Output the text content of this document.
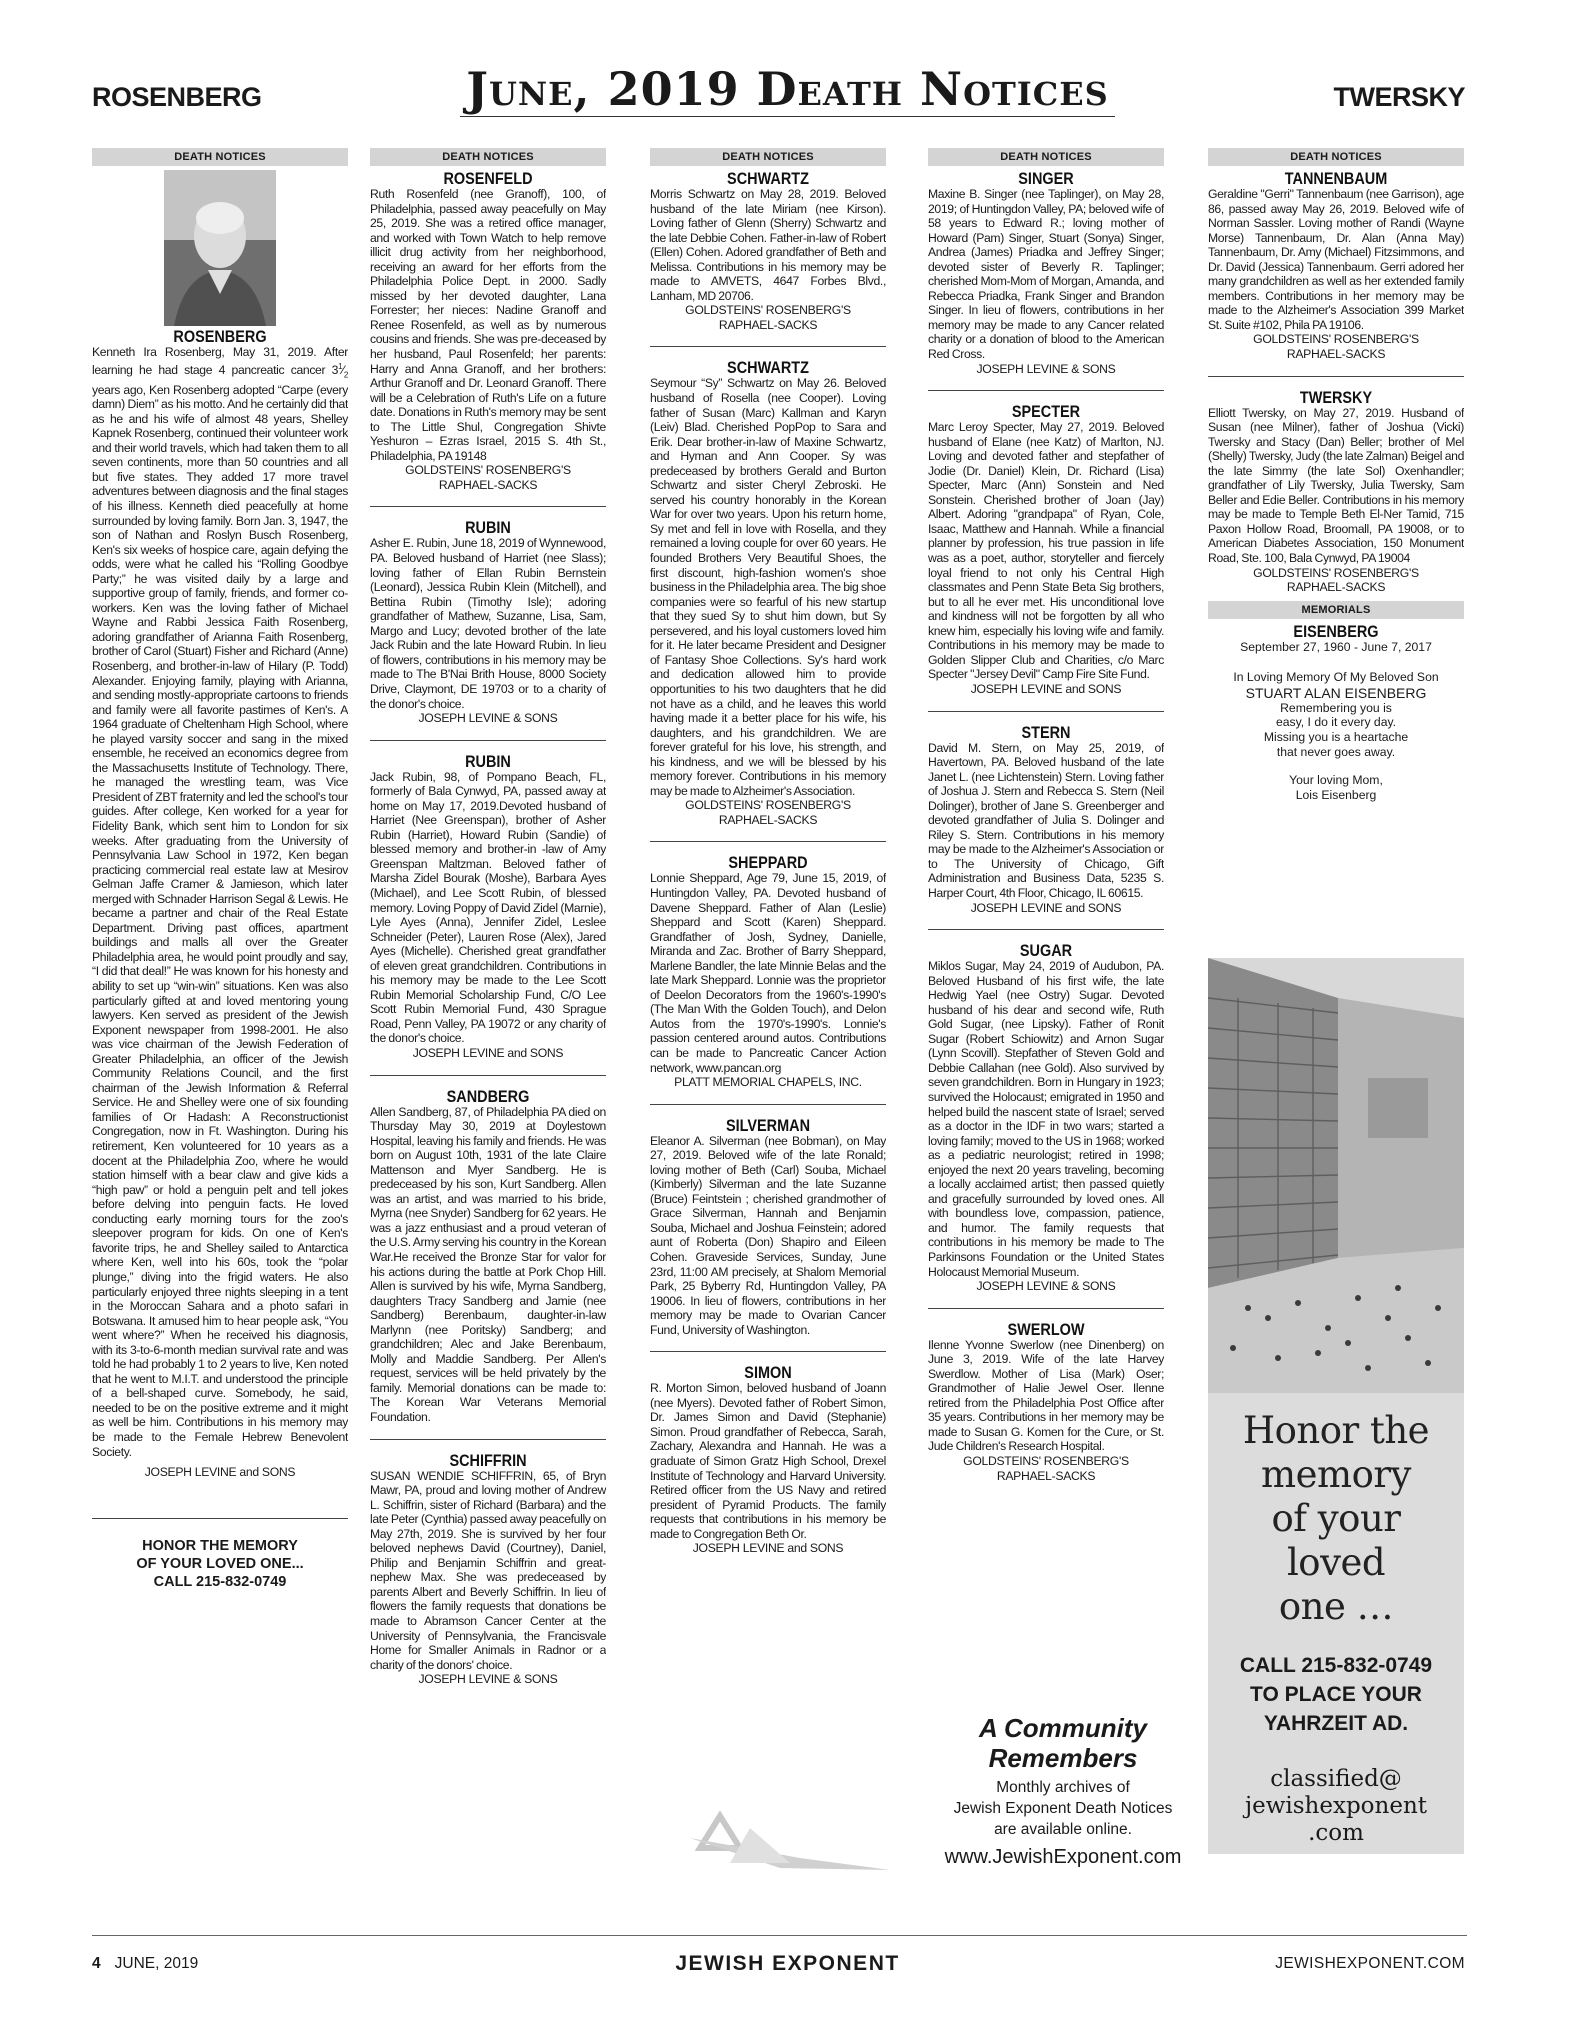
ROSENBERG	June, 2019 Death Notices	TWERSKY
DEATH NOTICES
ROSENBERG

Kenneth Ira Rosenberg, May 31, 2019. After learning he had stage 4 pancreatic cancer $3^1⁄_2$ years ago, Ken Rosenberg adopted “Carpe (every damn) Diem” as his motto. And he certainly did that as he and his wife of almost 48 years, Shelley Kapnek Rosenberg, continued their volunteer work and their world travels, which had taken them to all seven continents, more than 50 countries and all but five states. They added 17 more travel adventures between diagnosis and the final stages of his illness. Kenneth died peacefully at home surrounded by loving family. Born Jan. 3, 1947, the son of Nathan and Roslyn Busch Rosenberg, Ken's six weeks of hospice care, again defying the odds, were what he called his “Rolling Goodbye Party;” he was visited daily by a large and supportive group of family, friends, and former co-workers. Ken was the loving father of Michael Wayne and Rabbi Jessica Faith Rosenberg, adoring grandfather of Arianna Faith Rosenberg, brother of Carol (Stuart) Fisher and Richard (Anne) Rosenberg, and brother-in-law of Hilary (P. Todd) Alexander. Enjoying family, playing with Arianna, and sending mostly-appropriate cartoons to friends and family were all favorite pastimes of Ken's. A 1964 graduate of Cheltenham High School, where he played varsity soccer and sang in the mixed ensemble, he received an economics degree from the Massachusetts Institute of Technology. There, he managed the wrestling team, was Vice President of ZBT fraternity and led the school's tour guides. After college, Ken worked for a year for Fidelity Bank, which sent him to London for six weeks. After graduating from the University of Pennsylvania Law School in 1972, Ken began practicing commercial real estate law at Mesirov Gelman Jaffe Cramer & Jamieson, which later merged with Schnader Harrison Segal & Lewis. He became a partner and chair of the Real Estate Department. Driving past offices, apartment buildings and malls all over the Greater Philadelphia area, he would point proudly and say, “I did that deal!” He was known for his honesty and ability to set up “win-win” situations. Ken was also particularly gifted at and loved mentoring young lawyers. Ken served as president of the Jewish Exponent newspaper from 1998-2001. He also was vice chairman of the Jewish Federation of Greater Philadelphia, an officer of the Jewish Community Relations Council, and the first chairman of the Jewish Information & Referral Service. He and Shelley were one of six founding families of Or Hadash: A Reconstructionist Congregation, now in Ft. Washington. During his retirement, Ken volunteered for 10 years as a docent at the Philadelphia Zoo, where he would station himself with a bear claw and give kids a “high paw” or hold a penguin pelt and tell jokes before delving into penguin facts. He loved conducting early morning tours for the zoo's sleepover program for kids. On one of Ken's favorite trips, he and Shelley sailed to Antarctica where Ken, well into his 60s, took the “polar plunge,” diving into the frigid waters. He also particularly enjoyed three nights sleeping in a tent in the Moroccan Sahara and a photo safari in Botswana. It amused him to hear people ask, “You went where?” When he received his diagnosis, with its 3-to-6-month median survival rate and was told he had probably 1 to 2 years to live, Ken noted that he went to M.I.T. and understood the principle of a bell-shaped curve. Somebody, he said, needed to be on the positive extreme and it might as well be him. Contributions in his memory may be made to the Female Hebrew Benevolent Society.

JOSEPH LEVINE and SONS
HONOR THE MEMORY
OF YOUR LOVED ONE...
CALL 215-832-0749
DEATH NOTICES
ROSENFELD

Ruth Rosenfeld (nee Granoff), 100, of Philadelphia, passed away peacefully on May 25, 2019. She was a retired office manager, and worked with Town Watch to help remove illicit drug activity from her neighborhood, receiving an award for her efforts from the Philadelphia Police Dept. in 2000. Sadly missed by her devoted daughter, Lana Forrester; her nieces: Nadine Granoff and Renee Rosenfeld, as well as by numerous cousins and friends. She was pre-deceased by her husband, Paul Rosenfeld; her parents: Harry and Anna Granoff, and her brothers: Arthur Granoff and Dr. Leonard Granoff. There will be a Celebration of Ruth's Life on a future date. Donations in Ruth's memory may be sent to The Little Shul, Congregation Shivte Yeshuron – Ezras Israel, 2015 S. 4th St., Philadelphia, PA 19148

GOLDSTEINS' ROSENBERG'S
RAPHAEL-SACKS
RUBIN

Asher E. Rubin, June 18, 2019 of Wynnewood, PA. Beloved husband of Harriet (nee Slass); loving father of Ellan Rubin Bernstein (Leonard), Jessica Rubin Klein (Mitchell), and Bettina Rubin (Timothy Isle); adoring grandfather of Mathew, Suzanne, Lisa, Sam, Margo and Lucy; devoted brother of the late Jack Rubin and the late Howard Rubin. In lieu of flowers, contributions in his memory may be made to The B'Nai Brith House, 8000 Society Drive, Claymont, DE 19703 or to a charity of the donor's choice.

JOSEPH LEVINE & SONS
RUBIN

Jack Rubin, 98, of Pompano Beach, FL, formerly of Bala Cynwyd, PA, passed away at home on May 17, 2019.Devoted husband of Harriet (Nee Greenspan), brother of Asher Rubin (Harriet), Howard Rubin (Sandie) of blessed memory and brother-in -law of Amy Greenspan Maltzman. Beloved father of Marsha Zidel Bourak (Moshe), Barbara Ayes (Michael), and Lee Scott Rubin, of blessed memory. Loving Poppy of David Zidel (Marnie), Lyle Ayes (Anna), Jennifer Zidel, Leslee Schneider (Peter), Lauren Rose (Alex), Jared Ayes (Michelle). Cherished great grandfather of eleven great grandchildren. Contributions in his memory may be made to the Lee Scott Rubin Memorial Scholarship Fund, C/O Lee Scott Rubin Memorial Fund, 430 Sprague Road, Penn Valley, PA 19072 or any charity of the donor's choice.

JOSEPH LEVINE and SONS
SANDBERG

Allen Sandberg, 87, of Philadelphia PA died on Thursday May 30, 2019 at Doylestown Hospital, leaving his family and friends. He was born on August 10th, 1931 of the late Claire Mattenson and Myer Sandberg. He is predeceased by his son, Kurt Sandberg. Allen was an artist, and was married to his bride, Myrna (nee Snyder) Sandberg for 62 years. He was a jazz enthusiast and a proud veteran of the U.S. Army serving his country in the Korean War.He received the Bronze Star for valor for his actions during the battle at Pork Chop Hill. Allen is survived by his wife, Myrna Sandberg, daughters Tracy Sandberg and Jamie (nee Sandberg) Berenbaum, daughter-in-law Marlynn (nee Poritsky) Sandberg; and grandchildren; Alec and Jake Berenbaum, Molly and Maddie Sandberg. Per Allen's request, services will be held privately by the family. Memorial donations can be made to: The Korean War Veterans Memorial Foundation.

SCHIFFRIN

SUSAN WENDIE SCHIFFRIN, 65, of Bryn Mawr, PA, proud and loving mother of Andrew L. Schiffrin, sister of Richard (Barbara) and the late Peter (Cynthia) passed away peacefully on May 27th, 2019. She is survived by her four beloved nephews David (Courtney), Daniel, Philip and Benjamin Schiffrin and great-nephew Max. She was predeceased by parents Albert and Beverly Schiffrin. In lieu of flowers the family requests that donations be made to Abramson Cancer Center at the University of Pennsylvania, the Francisvale Home for Smaller Animals in Radnor or a charity of the donors' choice.

JOSEPH LEVINE & SONS
DEATH NOTICES
SCHWARTZ

Morris Schwartz on May 28, 2019. Beloved husband of the late Miriam (nee Kirson). Loving father of Glenn (Sherry) Schwartz and the late Debbie Cohen. Father-in-law of Robert (Ellen) Cohen. Adored grandfather of Beth and Melissa. Contributions in his memory may be made to AMVETS, 4647 Forbes Blvd., Lanham, MD 20706.

GOLDSTEINS' ROSENBERG'S
RAPHAEL-SACKS
SCHWARTZ

Seymour “Sy” Schwartz on May 26. Beloved husband of Rosella (nee Cooper). Loving father of Susan (Marc) Kallman and Karyn (Leiv) Blad. Cherished PopPop to Sara and Erik. Dear brother-in-law of Maxine Schwartz, and Hyman and Ann Cooper. Sy was predeceased by brothers Gerald and Burton Schwartz and sister Cheryl Zebroski. He served his country honorably in the Korean War for over two years. Upon his return home, Sy met and fell in love with Rosella, and they remained a loving couple for over 60 years. He founded Brothers Very Beautiful Shoes, the first discount, high-fashion women's shoe business in the Philadelphia area. The big shoe companies were so fearful of his new startup that they sued Sy to shut him down, but Sy persevered, and his loyal customers loved him for it. He later became President and Designer of Fantasy Shoe Collections. Sy's hard work and dedication allowed him to provide opportunities to his two daughters that he did not have as a child, and he leaves this world having made it a better place for his wife, his daughters, and his grandchildren. We are forever grateful for his love, his strength, and his kindness, and we will be blessed by his memory forever. Contributions in his memory may be made to Alzheimer's Association.

GOLDSTEINS' ROSENBERG'S
RAPHAEL-SACKS
SHEPPARD

Lonnie Sheppard, Age 79, June 15, 2019, of Huntingdon Valley, PA. Devoted husband of Davene Sheppard. Father of Alan (Leslie) Sheppard and Scott (Karen) Sheppard. Grandfather of Josh, Sydney, Danielle, Miranda and Zac. Brother of Barry Sheppard, Marlene Bandler, the late Minnie Belas and the late Mark Sheppard. Lonnie was the proprietor of Deelon Decorators from the 1960's-1990's (The Man With the Golden Touch), and Delon Autos from the 1970's-1990's. Lonnie's passion centered around autos. Contributions can be made to Pancreatic Cancer Action network, www.pancan.org

PLATT MEMORIAL CHAPELS, INC.
SILVERMAN

Eleanor A. Silverman (nee Bobman), on May 27, 2019. Beloved wife of the late Ronald; loving mother of Beth (Carl) Souba, Michael (Kimberly) Silverman and the late Suzanne (Bruce) Feintstein ; cherished grandmother of Grace Silverman, Hannah and Benjamin Souba, Michael and Joshua Feinstein; adored aunt of Roberta (Don) Shapiro and Eileen Cohen. Graveside Services, Sunday, June 23rd, 11:00 AM precisely, at Shalom Memorial Park, 25 Byberry Rd, Huntingdon Valley, PA 19006. In lieu of flowers, contributions in her memory may be made to Ovarian Cancer Fund, University of Washington.

SIMON

R. Morton Simon, beloved husband of Joann (nee Myers). Devoted father of Robert Simon, Dr. James Simon and David (Stephanie) Simon. Proud grandfather of Rebecca, Sarah, Zachary, Alexandra and Hannah. He was a graduate of Simon Gratz High School, Drexel Institute of Technology and Harvard University. Retired officer from the US Navy and retired president of Pyramid Products. The family requests that contributions in his memory be made to Congregation Beth Or.

JOSEPH LEVINE and SONS
DEATH NOTICES
SINGER

Maxine B. Singer (nee Taplinger), on May 28, 2019; of Huntingdon Valley, PA; beloved wife of 58 years to Edward R.; loving mother of Howard (Pam) Singer, Stuart (Sonya) Singer, Andrea (James) Priadka and Jeffrey Singer; devoted sister of Beverly R. Taplinger; cherished Mom-Mom of Morgan, Amanda, and Rebecca Priadka, Frank Singer and Brandon Singer. In lieu of flowers, contributions in her memory may be made to any Cancer related charity or a donation of blood to the American Red Cross.

JOSEPH LEVINE & SONS
SPECTER

Marc Leroy Specter, May 27, 2019. Beloved husband of Elane (nee Katz) of Marlton, NJ. Loving and devoted father and stepfather of Jodie (Dr. Daniel) Klein, Dr. Richard (Lisa) Specter, Marc (Ann) Sonstein and Ned Sonstein. Cherished brother of Joan (Jay) Albert. Adoring "grandpapa" of Ryan, Cole, Isaac, Matthew and Hannah. While a financial planner by profession, his true passion in life was as a poet, author, storyteller and fiercely loyal friend to not only his Central High classmates and Penn State Beta Sig brothers, but to all he ever met. His unconditional love and kindness will not be forgotten by all who knew him, especially his loving wife and family. Contributions in his memory may be made to Golden Slipper Club and Charities, c/o Marc Specter "Jersey Devil" Camp Fire Site Fund.

JOSEPH LEVINE and SONS
STERN

David M. Stern, on May 25, 2019, of Havertown, PA. Beloved husband of the late Janet L. (nee Lichtenstein) Stern. Loving father of Joshua J. Stern and Rebecca S. Stern (Neil Dolinger), brother of Jane S. Greenberger and devoted grandfather of Julia S. Dolinger and Riley S. Stern. Contributions in his memory may be made to the Alzheimer's Association or to The University of Chicago, Gift Administration and Business Data, 5235 S. Harper Court, 4th Floor, Chicago, IL 60615.

JOSEPH LEVINE and SONS
SUGAR

Miklos Sugar, May 24, 2019 of Audubon, PA. Beloved Husband of his first wife, the late Hedwig Yael (nee Ostry) Sugar. Devoted husband of his dear and second wife, Ruth Gold Sugar, (nee Lipsky). Father of Ronit Sugar (Robert Schiowitz) and Arnon Sugar (Lynn Scovill). Stepfather of Steven Gold and Debbie Callahan (nee Gold). Also survived by seven grandchildren. Born in Hungary in 1923; survived the Holocaust; emigrated in 1950 and helped build the nascent state of Israel; served as a doctor in the IDF in two wars; started a loving family; moved to the US in 1968; worked as a pediatric neurologist; retired in 1998; enjoyed the next 20 years traveling, becoming a locally acclaimed artist; then passed quietly and gracefully surrounded by loved ones. All with boundless love, compassion, patience, and humor. The family requests that contributions in his memory be made to The Parkinsons Foundation or the United States Holocaust Memorial Museum.

JOSEPH LEVINE & SONS
SWERLOW

Ilenne Yvonne Swerlow (nee Dinenberg) on June 3, 2019. Wife of the late Harvey Swerdlow. Mother of Lisa (Mark) Oser; Grandmother of Halie Jewel Oser. Ilenne retired from the Philadelphia Post Office after 35 years. Contributions in her memory may be made to Susan G. Komen for the Cure, or St. Jude Children's Research Hospital.

GOLDSTEINS' ROSENBERG'S
RAPHAEL-SACKS
DEATH NOTICES
TANNENBAUM

Geraldine "Gerri" Tannenbaum (nee Garrison), age 86, passed away May 26, 2019. Beloved wife of Norman Sassler. Loving mother of Randi (Wayne Morse) Tannenbaum, Dr. Alan (Anna May) Tannenbaum, Dr. Amy (Michael) Fitzsimmons, and Dr. David (Jessica) Tannenbaum. Gerri adored her many grandchildren as well as her extended family members. Contributions in her memory may be made to the Alzheimer's Association 399 Market St. Suite #102, Phila PA 19106.

GOLDSTEINS' ROSENBERG'S
RAPHAEL-SACKS
TWERSKY

Elliott Twersky, on May 27, 2019. Husband of Susan (nee Milner), father of Joshua (Vicki) Twersky and Stacy (Dan) Beller; brother of Mel (Shelly) Twersky, Judy (the late Zalman) Beigel and the late Simmy (the late Sol) Oxenhandler; grandfather of Lily Twersky, Julia Twersky, Sam Beller and Edie Beller. Contributions in his memory may be made to Temple Beth El-Ner Tamid, 715 Paxon Hollow Road, Broomall, PA 19008, or to American Diabetes Association, 150 Monument Road, Ste. 100, Bala Cynwyd, PA 19004

GOLDSTEINS' ROSENBERG'S
RAPHAEL-SACKS
MEMORIALS
EISENBERG
September 27, 1960 - June 7, 2017
In Loving Memory Of My Beloved Son
STUART ALAN EISENBERG
Remembering you is
easy, I do it every day.
Missing you is a heartache
that never goes away.
Your loving Mom,
Lois Eisenberg
Honor the
memory
of your
loved
one …
CALL 215-832-0749
TO PLACE YOUR
YAHRZEIT AD.
classified@
jewishexponent
.com
A Community
Remembers
Monthly archives of
Jewish Exponent Death Notices
are available online.
www.JewishExponent.com
4 JUNE, 2019	JEWISH EXPONENT	JEWISHEXPONENT.COM
